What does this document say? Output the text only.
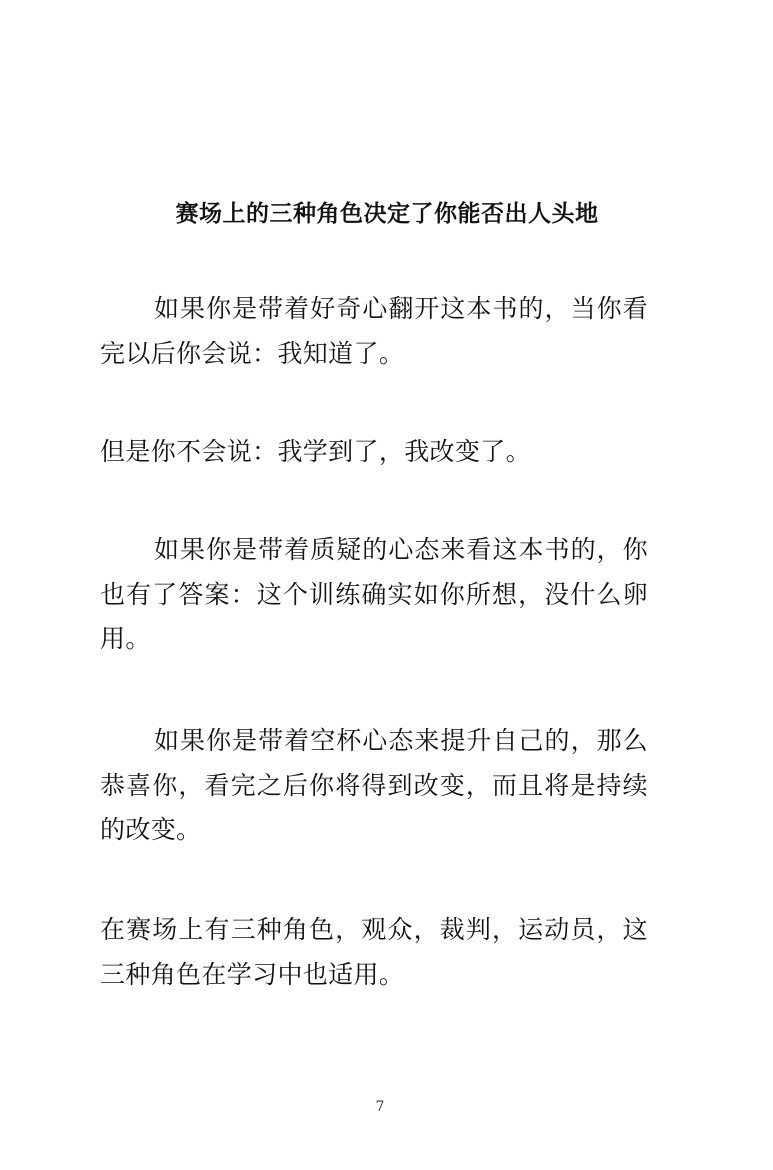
赛场上的三种角色决定了你能否出人头地

如果你是带着好奇心翻开这本书的，当你看完以后你会说：我知道了。

但是你不会说：我学到了，我改变了。

如果你是带着质疑的心态来看这本书的，你也有了答案：这个训练确实如你所想，没什么卵用。

如果你是带着空杯心态来提升自己的，那么恭喜你，看完之后你将得到改变，而且将是持续的改变。

在赛场上有三种角色，观众，裁判，运动员，这三种角色在学习中也适用。

7
